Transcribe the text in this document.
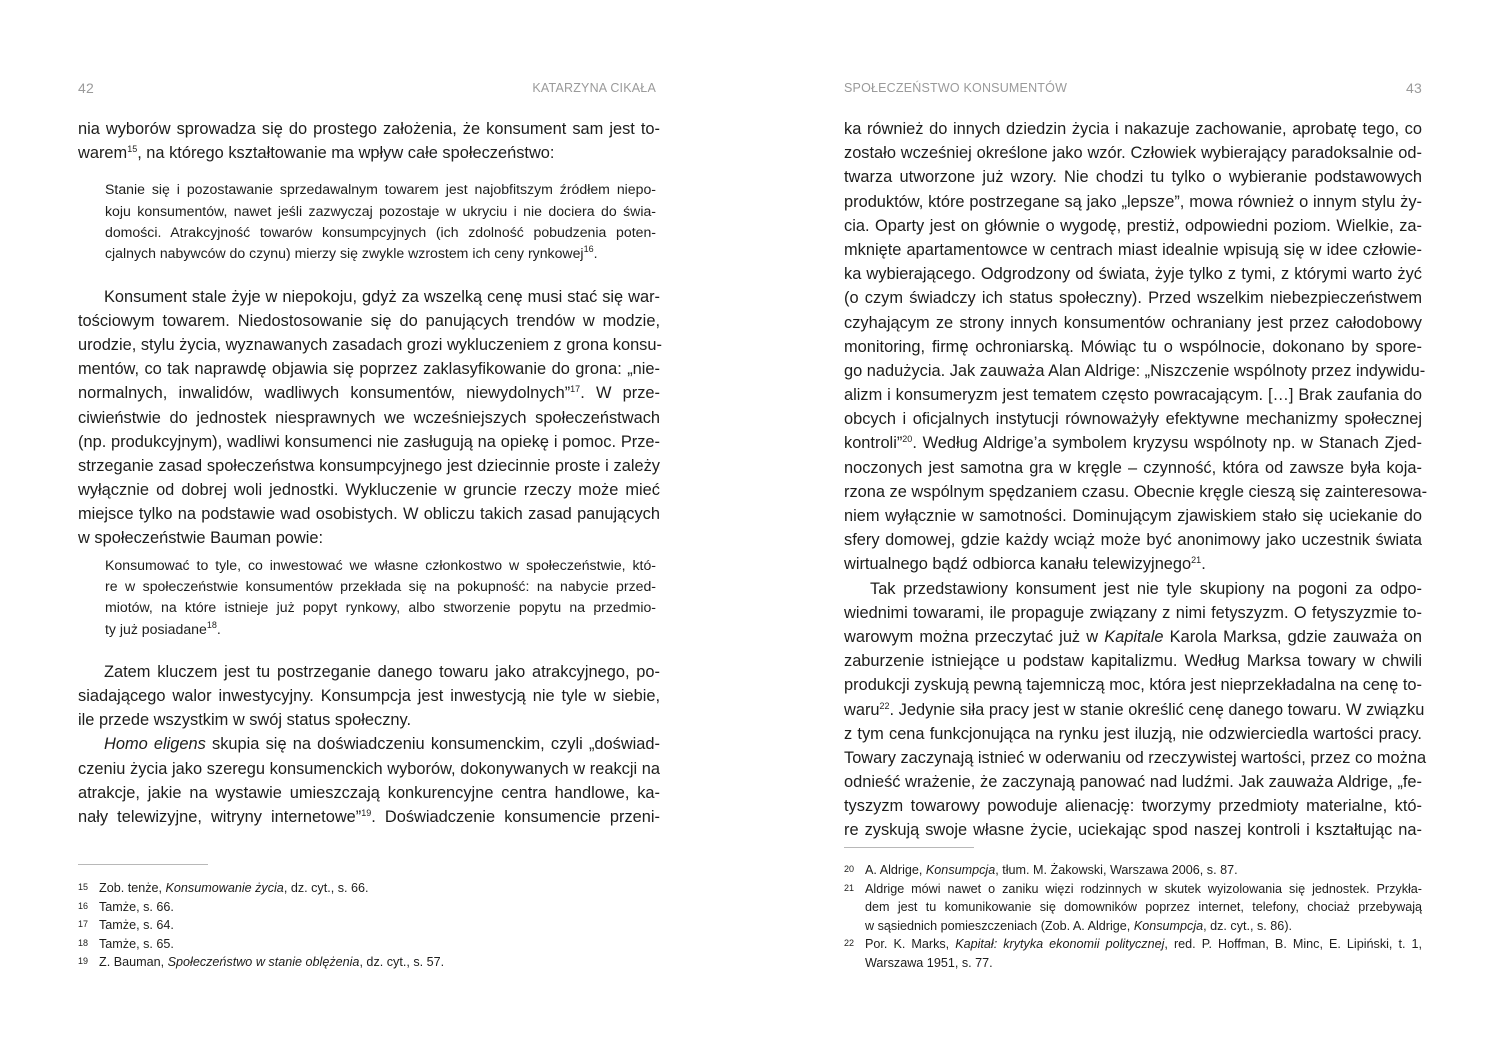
42	KATARZYNA CIKAŁA
nia wyborów sprowadza się do prostego założenia, że konsument sam jest to-
warem$^{15}$, na którego kształtowanie ma wpływ całe społeczeństwo:
Stanie się i pozostawanie sprzedawalnym towarem jest najobfitszym źródłem niepo-
koju konsumentów, nawet jeśli zazwyczaj pozostaje w ukryciu i nie dociera do świa-
domości. Atrakcyjność towarów konsumpcyjnych (ich zdolność pobudzenia poten-
cjalnych nabywców do czynu) mierzy się zwykle wzrostem ich ceny rynkowej$^{16}$.
Konsument stale żyje w niepokoju, gdyż za wszelką cenę musi stać się war-
tościowym towarem. Niedostosowanie się do panujących trendów w modzie,
urodzie, stylu życia, wyznawanych zasadach grozi wykluczeniem z grona konsu-
mentów, co tak naprawdę objawia się poprzez zaklasyfikowanie do grona: „nie-
normalnych, inwalidów, wadliwych konsumentów, niewydolnych”$^{17}$. W prze-
ciwieństwie do jednostek niesprawnych we wcześniejszych społeczeństwach
(np. produkcyjnym), wadliwi konsumenci nie zasługują na opiekę i pomoc. Prze-
strzeganie zasad społeczeństwa konsumpcyjnego jest dziecinnie proste i zależy
wyłącznie od dobrej woli jednostki. Wykluczenie w gruncie rzeczy może mieć
miejsce tylko na podstawie wad osobistych. W obliczu takich zasad panujących
w społeczeństwie Bauman powie:
Konsumować to tyle, co inwestować we własne członkostwo w społeczeństwie, któ-
re w społeczeństwie konsumentów przekłada się na pokupność: na nabycie przed-
miotów, na które istnieje już popyt rynkowy, albo stworzenie popytu na przedmio-
ty już posiadane$^{18}$.
Zatem kluczem jest tu postrzeganie danego towaru jako atrakcyjnego, po-
siadającego walor inwestycyjny. Konsumpcja jest inwestycją nie tyle w siebie,
ile przede wszystkim w swój status społeczny.
Homo eligens skupia się na doświadczeniu konsumenckim, czyli „doświad-
czeniu życia jako szeregu konsumenckich wyborów, dokonywanych w reakcji na
atrakcje, jakie na wystawie umieszczają konkurencyjne centra handlowe, ka-
nały telewizyjne, witryny internetowe”$^{19}$. Doświadczenie konsumencie przeni-
15 Zob. tenże, Konsumowanie życia, dz. cyt., s. 66.
16 Tamże, s. 66.
17 Tamże, s. 64.
18 Tamże, s. 65.
19 Z. Bauman, Społeczeństwo w stanie oblężenia, dz. cyt., s. 57.
SPOŁECZEŃSTWO KONSUMENTÓW	43
ka również do innych dziedzin życia i nakazuje zachowanie, aprobatę tego, co
zostało wcześniej określone jako wzór. Człowiek wybierający paradoksalnie od-
twarza utworzone już wzory. Nie chodzi tu tylko o wybieranie podstawowych
produktów, które postrzegane są jako „lepsze”, mowa również o innym stylu ży-
cia. Oparty jest on głównie o wygodę, prestiż, odpowiedni poziom. Wielkie, za-
mknięte apartamentowce w centrach miast idealnie wpisują się w idee człowie-
ka wybierającego. Odgrodzony od świata, żyje tylko z tymi, z którymi warto żyć
(o czym świadczy ich status społeczny). Przed wszelkim niebezpieczeństwem
czyhającym ze strony innych konsumentów ochraniany jest przez całodobowy
monitoring, firmę ochroniarską. Mówiąc tu o wspólnocie, dokonano by spore-
go nadużycia. Jak zauważa Alan Aldrige: „Niszczenie wspólnoty przez indywidu-
alizm i konsumeryzm jest tematem często powracającym. […] Brak zaufania do
obcych i oficjalnych instytucji równoważyły efektywne mechanizmy społecznej
kontroli”$^{20}$. Według Aldrige’a symbolem kryzysu wspólnoty np. w Stanach Zjed-
noczonych jest samotna gra w kręgle – czynność, która od zawsze była koja-
rzona ze wspólnym spędzaniem czasu. Obecnie kręgle cieszą się zainteresowa-
niem wyłącznie w samotności. Dominującym zjawiskiem stało się uciekanie do
sfery domowej, gdzie każdy wciąż może być anonimowy jako uczestnik świata
wirtualnego bądź odbiorca kanału telewizyjnego$^{21}$.
Tak przedstawiony konsument jest nie tyle skupiony na pogoni za odpo-
wiednimi towarami, ile propaguje związany z nimi fetyszyzm. O fetyszyzmie to-
warowym można przeczytać już w Kapitale Karola Marksa, gdzie zauważa on
zaburzenie istniejące u podstaw kapitalizmu. Według Marksa towary w chwili
produkcji zyskują pewną tajemniczą moc, która jest nieprzekładalna na cenę to-
waru$^{22}$. Jedynie siła pracy jest w stanie określić cenę danego towaru. W związku
z tym cena funkcjonująca na rynku jest iluzją, nie odzwierciedla wartości pracy.
Towary zaczynają istnieć w oderwaniu od rzeczywistej wartości, przez co można
odnieść wrażenie, że zaczynają panować nad ludźmi. Jak zauważa Aldrige, „fe-
tyszyzm towarowy powoduje alienację: tworzymy przedmioty materialne, któ-
re zyskują swoje własne życie, uciekając spod naszej kontroli i kształtując na-
20 A. Aldrige, Konsumpcja, tłum. M. Żakowski, Warszawa 2006, s. 87.
21 Aldrige mówi nawet o zaniku więzi rodzinnych w skutek wyizolowania się jednostek. Przykła-
dem jest tu komunikowanie się domowników poprzez internet, telefony, chociaż przebywają
w sąsiednich pomieszczeniach (Zob. A. Aldrige, Konsumpcja, dz. cyt., s. 86).
22 Por. K. Marks, Kapitał: krytyka ekonomii politycznej, red. P. Hoffman, B. Minc, E. Lipiński, t. 1,
Warszawa 1951, s. 77.
